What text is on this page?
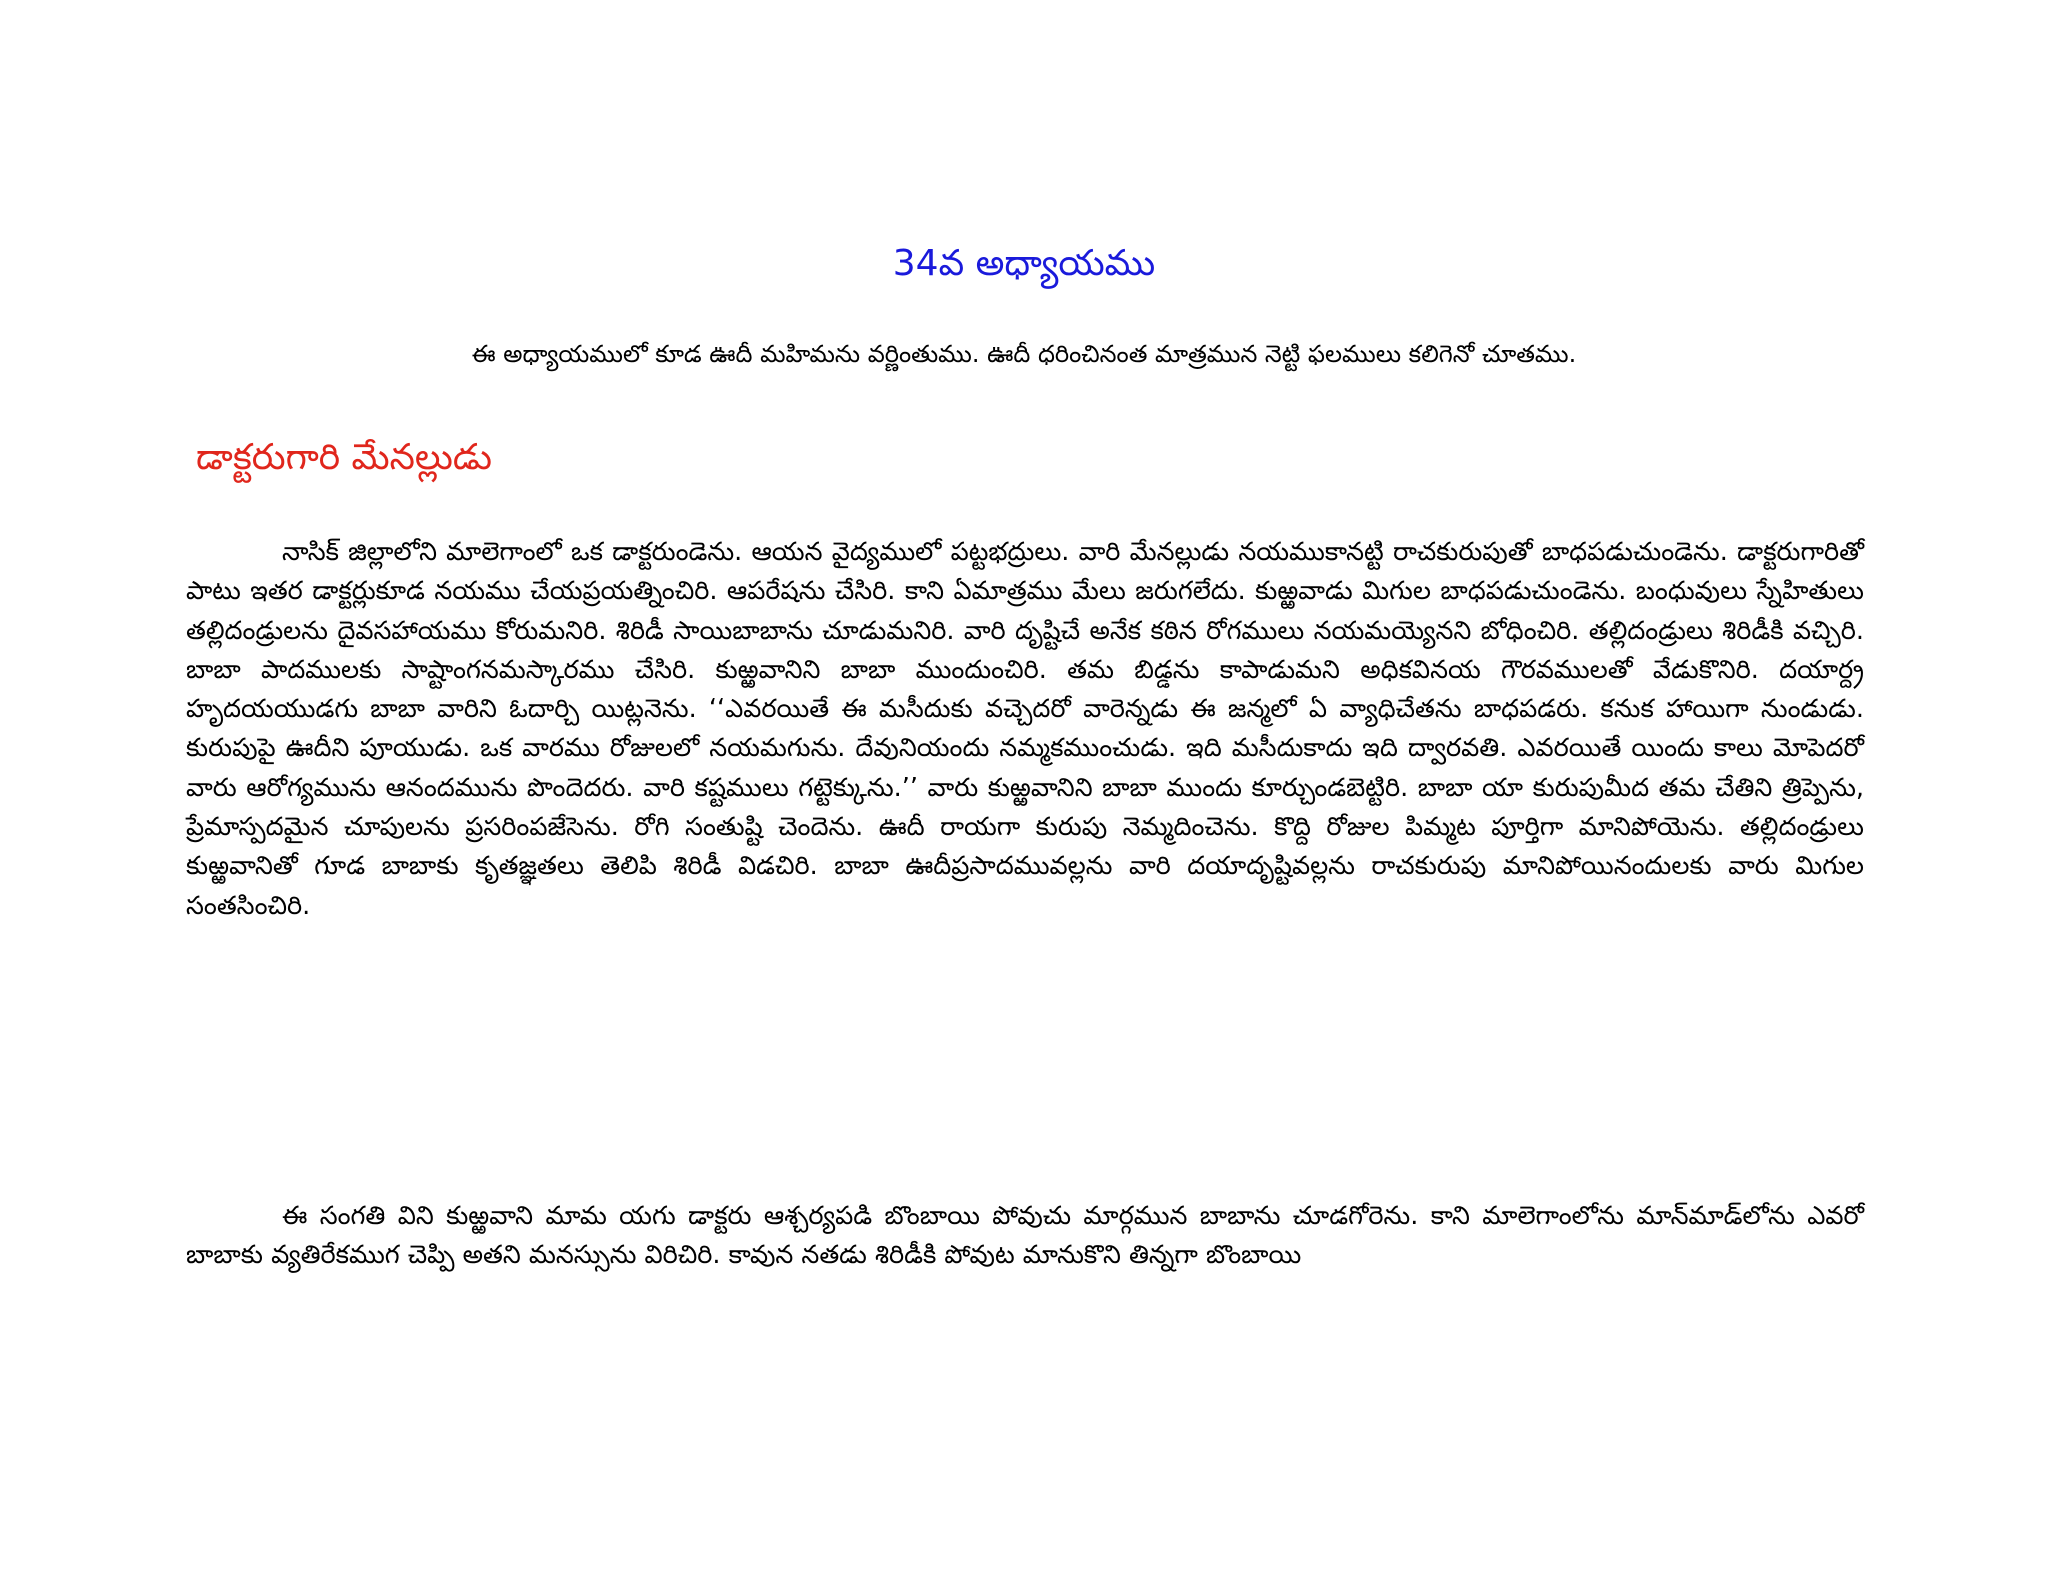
34వ అధ్యాయము
ఈ అధ్యాయములో కూడ ఊదీ మహిమను వర్ణింతుము. ఊదీ ధరించినంత మాత్రమున నెట్టి ఫలములు కలిగెనో చూతము.
డాక్టరుగారి మేనల్లుడు

నాసిక్ జిల్లాలోని మాలెగాంలో ఒక డాక్టరుండెను. ఆయన వైద్యములో పట్టభద్రులు. వారి మేనల్లుడు నయముకానట్టి రాచకురుపుతో బాధపడుచుండెను. డాక్టరుగారితో పాటు ఇతర డాక్టర్లుకూడ నయము చేయప్రయత్నించిరి. ఆపరేషను చేసిరి. కాని ఏమాత్రము మేలు జరుగలేదు. కుఱ్ఱవాడు మిగుల బాధపడుచుండెను. బంధువులు స్నేహితులు తల్లిదండ్రులను దైవసహాయము కోరుమనిరి. శిరిడీ సాయిబాబాను చూడుమనిరి. వారి దృష్టిచే అనేక కఠిన రోగములు నయమయ్యెనని బోధించిరి. తల్లిదండ్రులు శిరిడీకి వచ్చిరి. బాబా పాదములకు సాష్టాంగనమస్కారము చేసిరి. కుఱ్ఱవానిని బాబా ముందుంచిరి. తమ బిడ్డను కాపాడుమని అధికవినయ గౌరవములతో వేడుకొనిరి. దయార్ద్ర హృదయయుడగు బాబా వారిని ఓదార్చి యిట్లనెను. ‘‘ఎవరయితే ఈ మసీదుకు వచ్చెదరో వారెన్నడు ఈ జన్మలో ఏ వ్యాధిచేతను బాధపడరు. కనుక హాయిగా నుండుడు. కురుపుపై ఊదీని పూయుడు. ఒక వారము రోజులలో నయమగును. దేవునియందు నమ్మకముంచుడు. ఇది మసీదుకాదు ఇది ద్వారవతి. ఎవరయితే యిందు కాలు మోపెదరో వారు ఆరోగ్యమును ఆనందమును పొందెదరు. వారి కష్టములు గట్టెక్కును.’’ వారు కుఱ్ఱవానిని బాబా ముందు కూర్చుండబెట్టిరి. బాబా యా కురుపుమీద తమ చేతిని త్రిప్పెను, ప్రేమాస్పదమైన చూపులను ప్రసరింపజేసెను. రోగి సంతుష్టి చెందెను. ఊదీ రాయగా కురుపు నెమ్మదించెను. కొద్ది రోజుల పిమ్మట పూర్తిగా మానిపోయెను. తల్లిదండ్రులు కుఱ్ఱవానితో గూడ బాబాకు కృతజ్ఞతలు తెలిపి శిరిడీ విడచిరి. బాబా ఊదీప్రసాదమువల్లను వారి దయాదృష్టివల్లను రాచకురుపు మానిపోయినందులకు వారు మిగుల సంతసించిరి.

ఈ సంగతి విని కుఱ్ఱవాని మామ యగు డాక్టరు ఆశ్చర్యపడి బొంబాయి పోవుచు మార్గమున బాబాను చూడగోరెను. కాని మాలెగాంలోను మాన్‌మాడ్‌లోను ఎవరో బాబాకు వ్యతిరేకముగ చెప్పి అతని మనస్సును విరిచిరి. కావున నతడు శిరిడీకి పోవుట మానుకొని తిన్నగా బొంబాయి
